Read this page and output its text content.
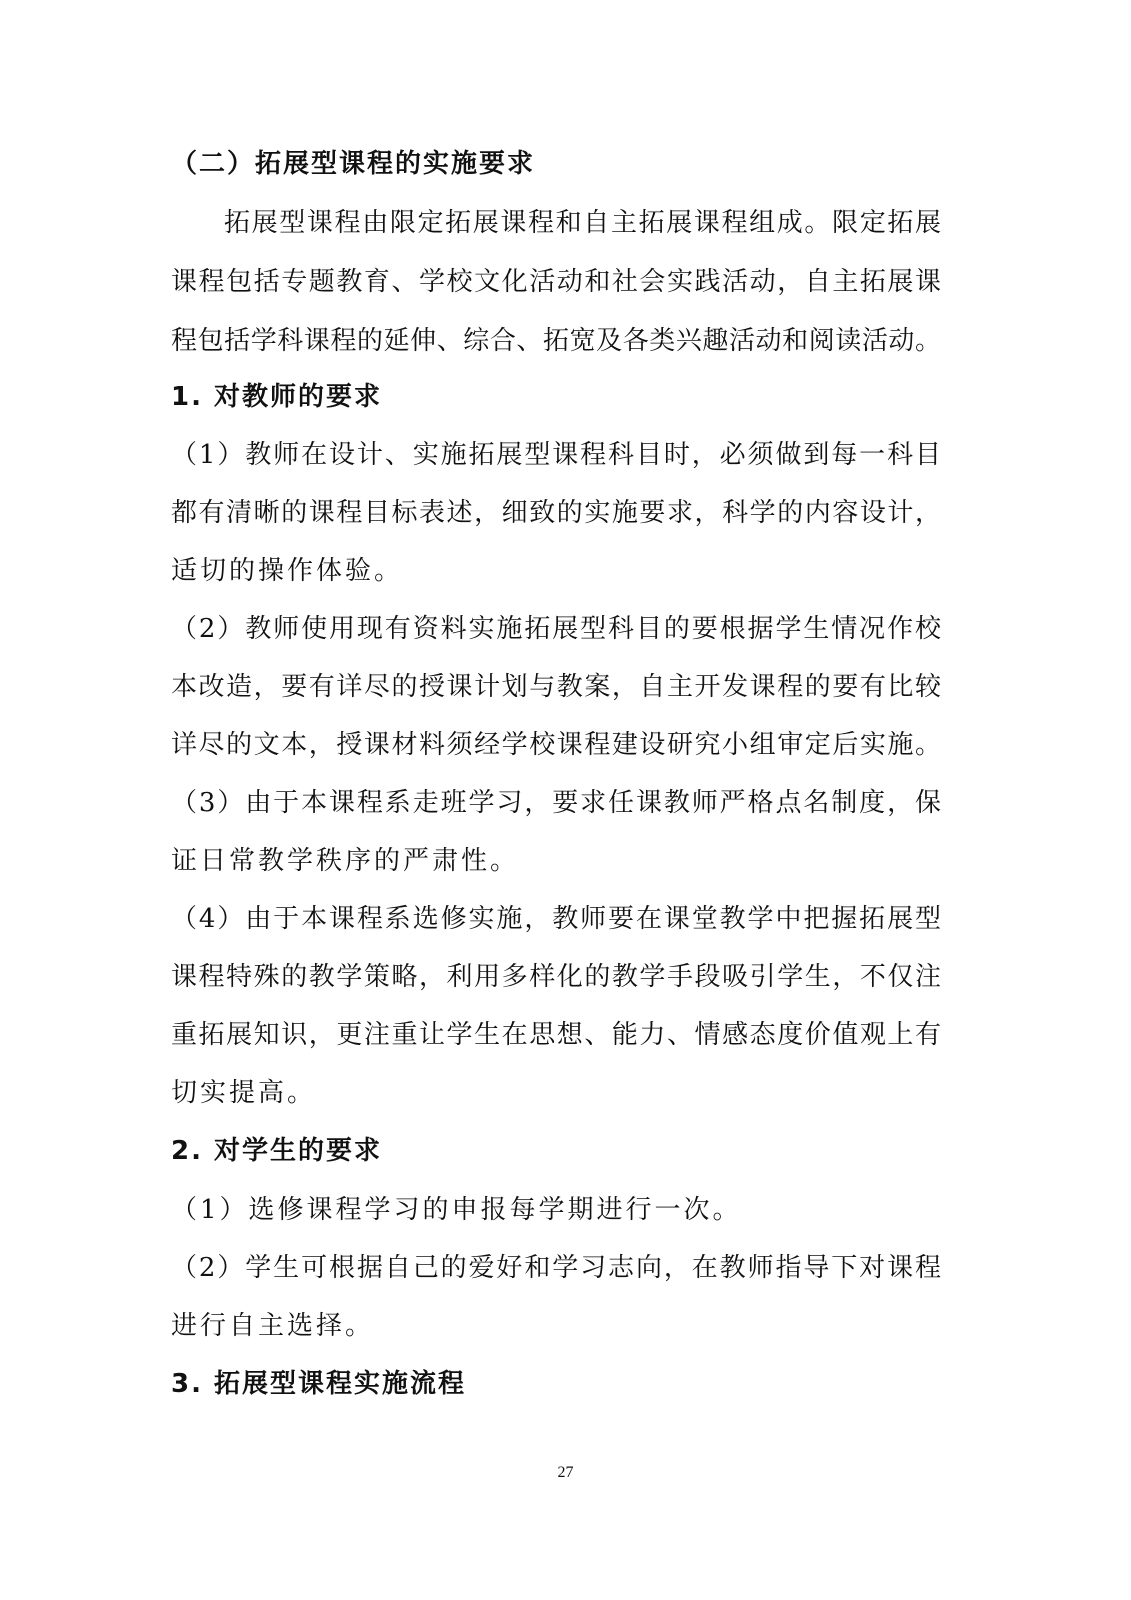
（二）拓展型课程的实施要求
拓展型课程由限定拓展课程和自主拓展课程组成。限定拓展
课程包括专题教育、学校文化活动和社会实践活动，自主拓展课
程包括学科课程的延伸、综合、拓宽及各类兴趣活动和阅读活动。
1. 对教师的要求
（1）教师在设计、实施拓展型课程科目时，必须做到每一科目
都有清晰的课程目标表述，细致的实施要求，科学的内容设计，
适切的操作体验。
（2）教师使用现有资料实施拓展型科目的要根据学生情况作校
本改造，要有详尽的授课计划与教案，自主开发课程的要有比较
详尽的文本，授课材料须经学校课程建设研究小组审定后实施。
（3）由于本课程系走班学习，要求任课教师严格点名制度，保
证日常教学秩序的严肃性。
（4）由于本课程系选修实施，教师要在课堂教学中把握拓展型
课程特殊的教学策略，利用多样化的教学手段吸引学生，不仅注
重拓展知识，更注重让学生在思想、能力、情感态度价值观上有
切实提高。
2. 对学生的要求
（1）选修课程学习的申报每学期进行一次。
（2）学生可根据自己的爱好和学习志向，在教师指导下对课程
进行自主选择。
3. 拓展型课程实施流程
27
